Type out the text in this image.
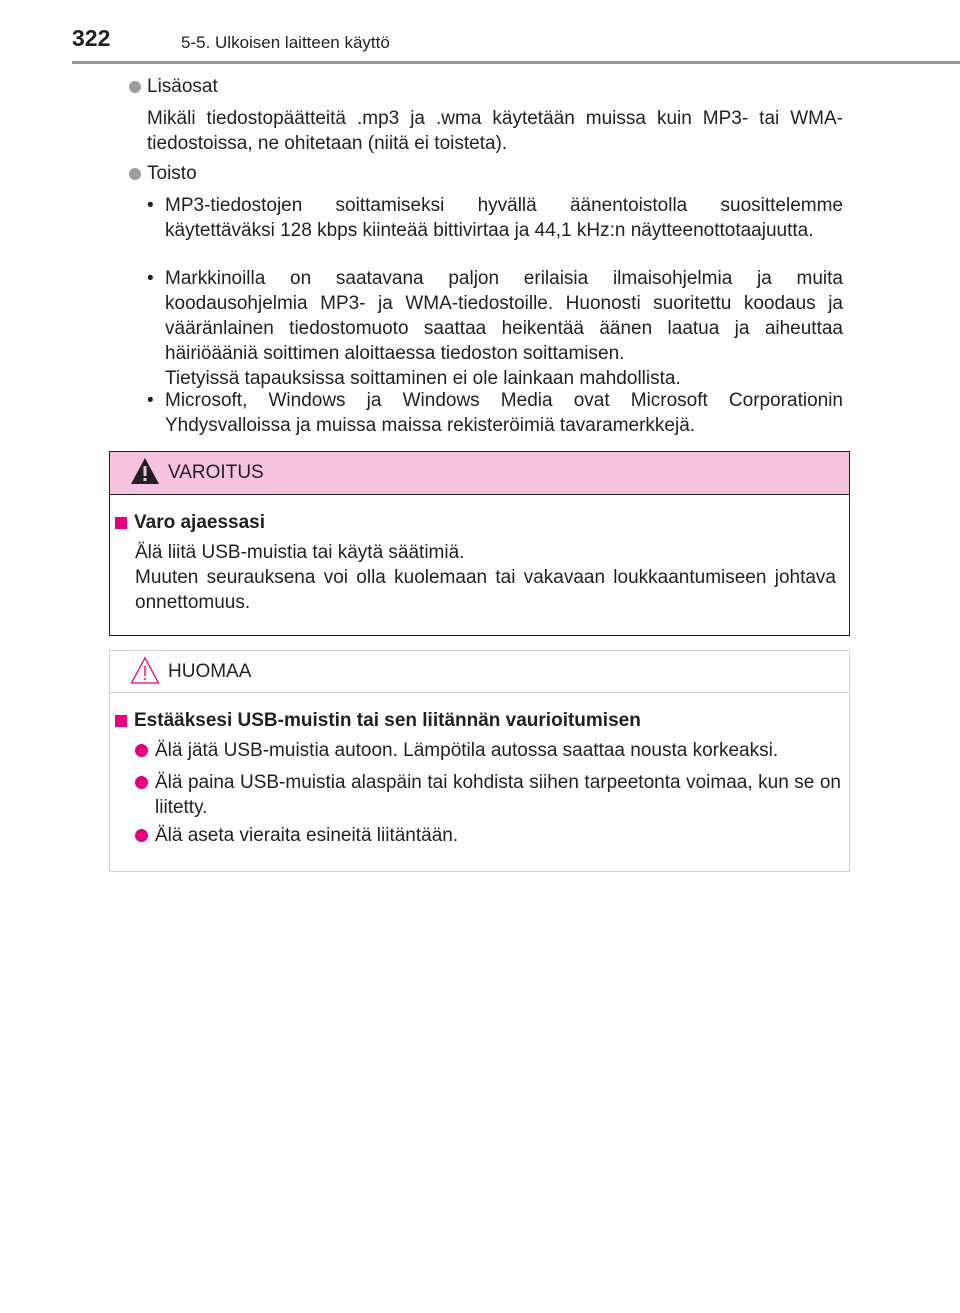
322	5-5. Ulkoisen laitteen käyttö
Lisäosat
Mikäli tiedostopäätteitä .mp3 ja .wma käytetään muissa kuin MP3- tai WMA-tiedostoissa, ne ohitetaan (niitä ei toisteta).
Toisto
• MP3-tiedostojen soittamiseksi hyvällä äänentoistolla suosittelemme käytettäväksi 128 kbps kiinteää bittivirtaa ja 44,1 kHz:n näytteenottotaajuutta.
• Markkinoilla on saatavana paljon erilaisia ilmaisohjelmia ja muita koodausohjelmia MP3- ja WMA-tiedostoille. Huonosti suoritettu koodaus ja vääränlainen tiedostomuoto saattaa heikentää äänen laatua ja aiheuttaa häiriöääniä soittimen aloittaessa tiedoston soittamisen.
Tietyissä tapauksissa soittaminen ei ole lainkaan mahdollista.
• Microsoft, Windows ja Windows Media ovat Microsoft Corporationin Yhdysvalloissa ja muissa maissa rekisteröimiä tavaramerkkejä.
VAROITUS
Varo ajaessasi
Älä liitä USB-muistia tai käytä säätimiä.
Muuten seurauksena voi olla kuolemaan tai vakavaan loukkaantumiseen johtava onnettomuus.
HUOMAA
Estääksesi USB-muistin tai sen liitännän vaurioitumisen
Älä jätä USB-muistia autoon. Lämpötila autossa saattaa nousta korkeaksi.
Älä paina USB-muistia alaspäin tai kohdista siihen tarpeetonta voimaa, kun se on liitetty.
Älä aseta vieraita esineitä liitäntään.
